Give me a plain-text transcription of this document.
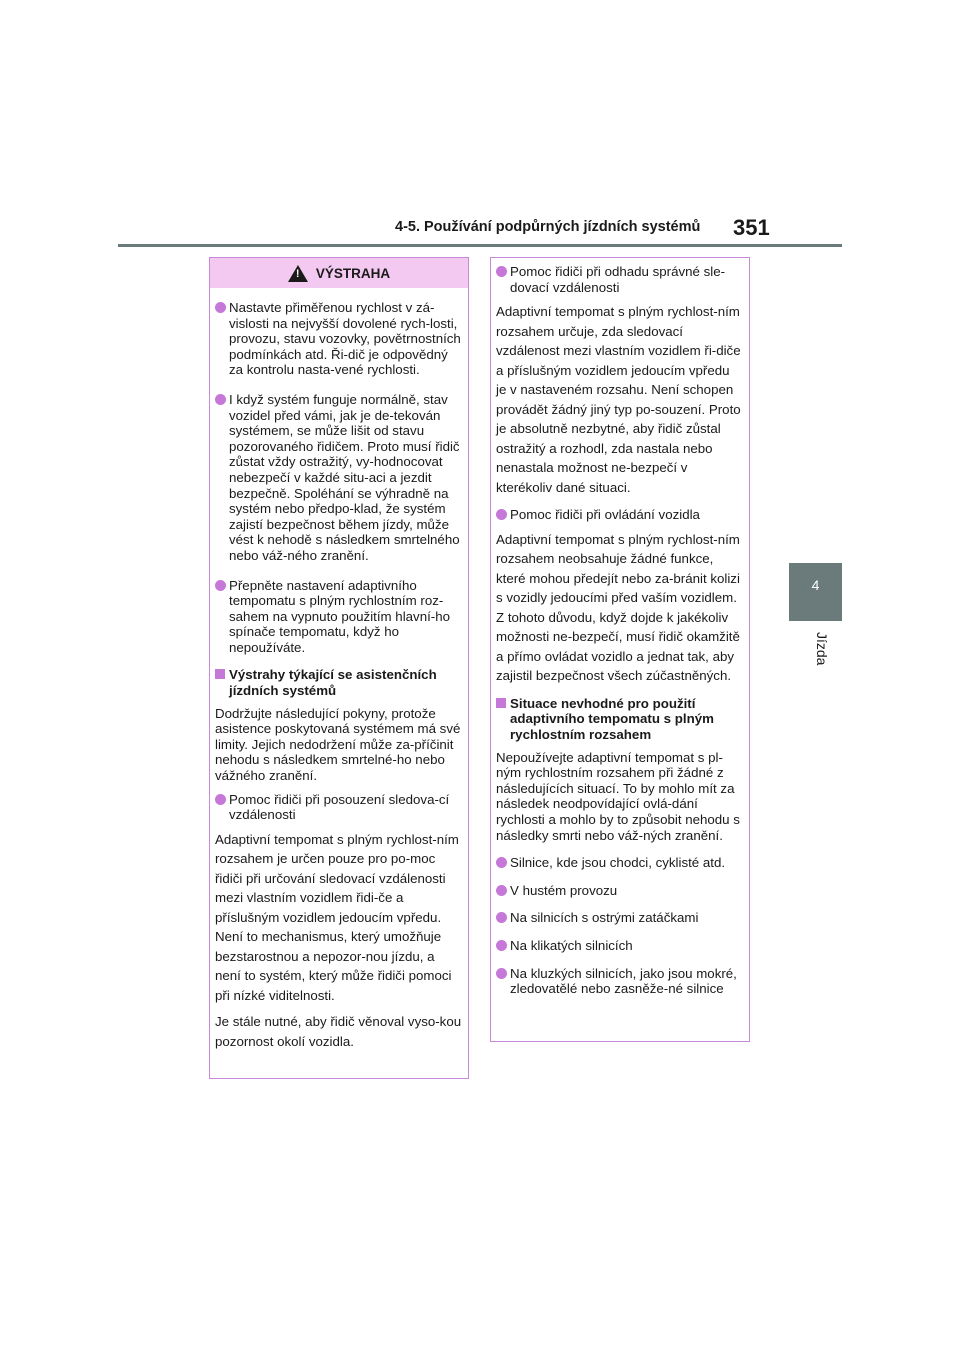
4-5. Používání podpůrných jízdních systémů 351
4
Jízda
!
VÝSTRAHA
Nastavte přiměřenou rychlost v zá-vislosti na nejvyšší dovolené rych-losti, provozu, stavu vozovky, povětrnostních podmínkách atd. Ři-dič je odpovědný za kontrolu nasta-vené rychlosti.
I když systém funguje normálně, stav vozidel před vámi, jak je de-tekován systémem, se může lišit od stavu pozorovaného řidičem. Proto musí řidič zůstat vždy ostražitý, vy-hodnocovat nebezpečí v každé situ-aci a jezdit bezpečně. Spoléhání se výhradně na systém nebo předpo-klad, že systém zajistí bezpečnost během jízdy, může vést k nehodě s následkem smrtelného nebo váž-ného zranění.
Přepněte nastavení adaptivního tempomatu s plným rychlostním roz-sahem na vypnuto použitím hlavní-ho spínače tempomatu, když ho nepoužíváte.
Výstrahy týkající se asistenčních jízdních systémů
Dodržujte následující pokyny, protože asistence poskytovaná systémem má své limity. Jejich nedodržení může za-příčinit nehodu s následkem smrtelné-ho nebo vážného zranění.
Pomoc řidiči při posouzení sledova-cí vzdálenosti
Adaptivní tempomat s plným rychlost-ním rozsahem je určen pouze pro po-moc řidiči při určování sledovací vzdálenosti mezi vlastním vozidlem řidi-če a příslušným vozidlem jedoucím vpředu. Není to mechanismus, který umožňuje bezstarostnou a nepozor-nou jízdu, a není to systém, který může řidiči pomoci při nízké viditelnosti.
Je stále nutné, aby řidič věnoval vyso-kou pozornost okolí vozidla.
Pomoc řidiči při odhadu správné sle-dovací vzdálenosti
Adaptivní tempomat s plným rychlost-ním rozsahem určuje, zda sledovací vzdálenost mezi vlastním vozidlem ři-diče a příslušným vozidlem jedoucím vpředu je v nastaveném rozsahu. Není schopen provádět žádný jiný typ po-souzení. Proto je absolutně nezbytné, aby řidič zůstal ostražitý a rozhodl, zda nastala nebo nenastala možnost ne-bezpečí v kterékoliv dané situaci.
Pomoc řidiči při ovládání vozidla
Adaptivní tempomat s plným rychlost-ním rozsahem neobsahuje žádné funkce, které mohou předejít nebo za-bránit kolizi s vozidly jedoucími před vaším vozidlem. Z tohoto důvodu, když dojde k jakékoliv možnosti ne-bezpečí, musí řidič okamžitě a přímo ovládat vozidlo a jednat tak, aby zajistil bezpečnost všech zúčastněných.
Situace nevhodné pro použití adaptivního tempomatu s plným rychlostním rozsahem
Nepoužívejte adaptivní tempomat s pl-ným rychlostním rozsahem při žádné z následujících situací. To by mohlo mít za následek neodpovídající ovlá-dání rychlosti a mohlo by to způsobit nehodu s následky smrti nebo váž-ných zranění.
Silnice, kde jsou chodci, cyklisté atd.
V hustém provozu
Na silnicích s ostrými zatáčkami
Na klikatých silnicích
Na kluzkých silnicích, jako jsou mokré, zledovatělé nebo zasněže-né silnice
